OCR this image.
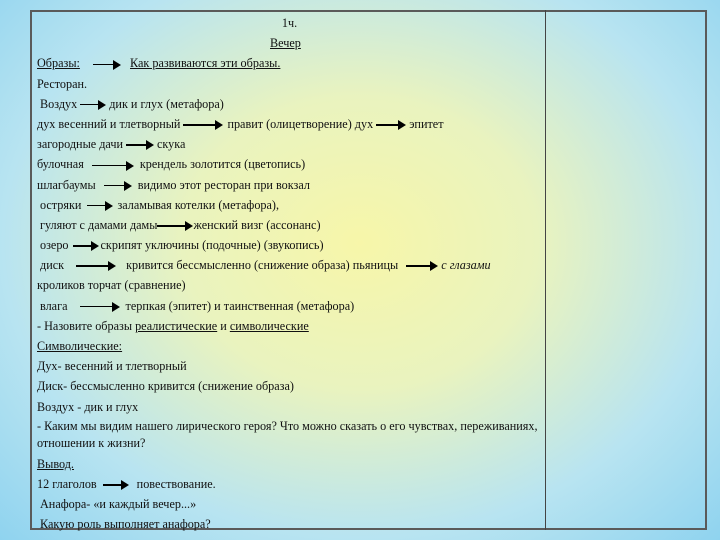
1ч.
Вечер
Образы:	Как развиваются эти образы.
Ресторан.
Воздух	дик и глух (метафора)
дух весенний и тлетворный	правит (олицетворение) дух	эпитет
загородные дачи	скука
булочная	крендель золотится (цветопись)
шлагбаумы	видимо этот ресторан при вокзал
остряки	заламывая котелки (метафора),
гуляют с дамами дамы	женский визг (ассонанс)
озеро	скрипят уключины (подочные) (звукопись)
диск	кривится бессмысленно (снижение образа) пьяницы	с глазами
кроликов торчат (сравнение)
влага	терпкая (эпитет) и таинственная (метафора)
- Назовите образы реалистические и символические
Символические:
Дух- весенний и тлетворный
Диск- бессмысленно кривится (снижение образа)
Воздух - дик и глух
- Каким мы видим нашего лирического героя? Что можно сказать о его чувствах, переживаниях, отношении к жизни?
Вывод.
12 глаголов	повествование.
Анафора- «и каждый вечер...»
Какую роль выполняет анафора?
